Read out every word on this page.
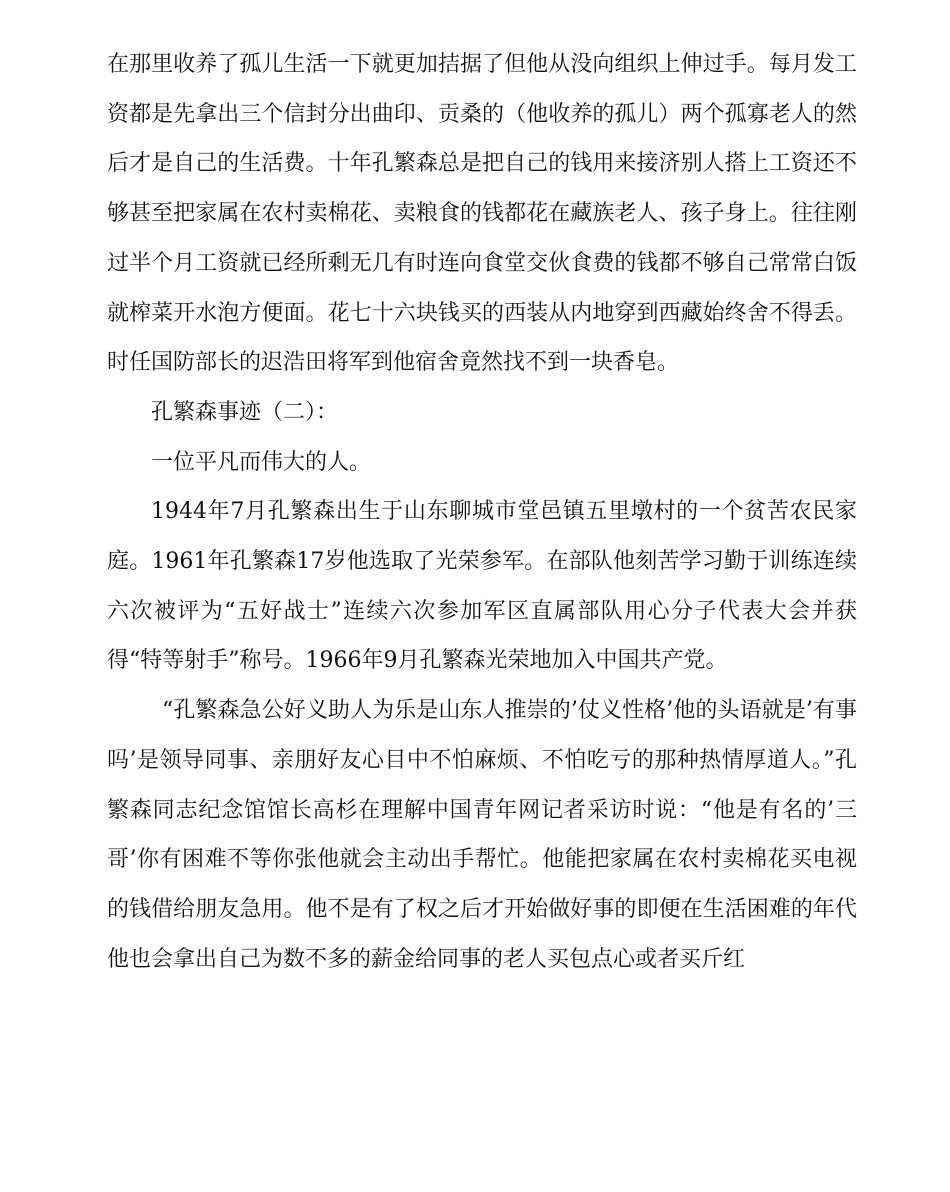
在那里收养了孤儿生活一下就更加拮据了但他从没向组织上伸过手。每月发工资都是先拿出三个信封分出曲印、贡桑的（他收养的孤儿）两个孤寡老人的然后才是自己的生活费。十年孔繁森总是把自己的钱用来接济别人搭上工资还不够甚至把家属在农村卖棉花、卖粮食的钱都花在藏族老人、孩子身上。往往刚过半个月工资就已经所剩无几有时连向食堂交伙食费的钱都不够自己常常白饭就榨菜开水泡方便面。花七十六块钱买的西装从内地穿到西藏始终舍不得丢。时任国防部长的迟浩田将军到他宿舍竟然找不到一块香皂。

孔繁森事迹（二）：

一位平凡而伟大的人。

1944年7月孔繁森出生于山东聊城市堂邑镇五里墩村的一个贫苦农民家庭。1961年孔繁森17岁他选取了光荣参军。在部队他刻苦学习勤于训练连续六次被评为“五好战士”连续六次参加军区直属部队用心分子代表大会并获得“特等射手”称号。1966年9月孔繁森光荣地加入中国共产党。

“孔繁森急公好义助人为乐是山东人推崇的’仗义性格’他的头语就是’有事吗’是领导同事、亲朋好友心目中不怕麻烦、不怕吃亏的那种热情厚道人。”孔繁森同志纪念馆馆长高杉在理解中国青年网记者采访时说：“他是有名的’三哥’你有困难不等你张他就会主动出手帮忙。他能把家属在农村卖棉花买电视的钱借给朋友急用。他不是有了权之后才开始做好事的即便在生活困难的年代他也会拿出自己为数不多的薪金给同事的老人买包点心或者买斤红
